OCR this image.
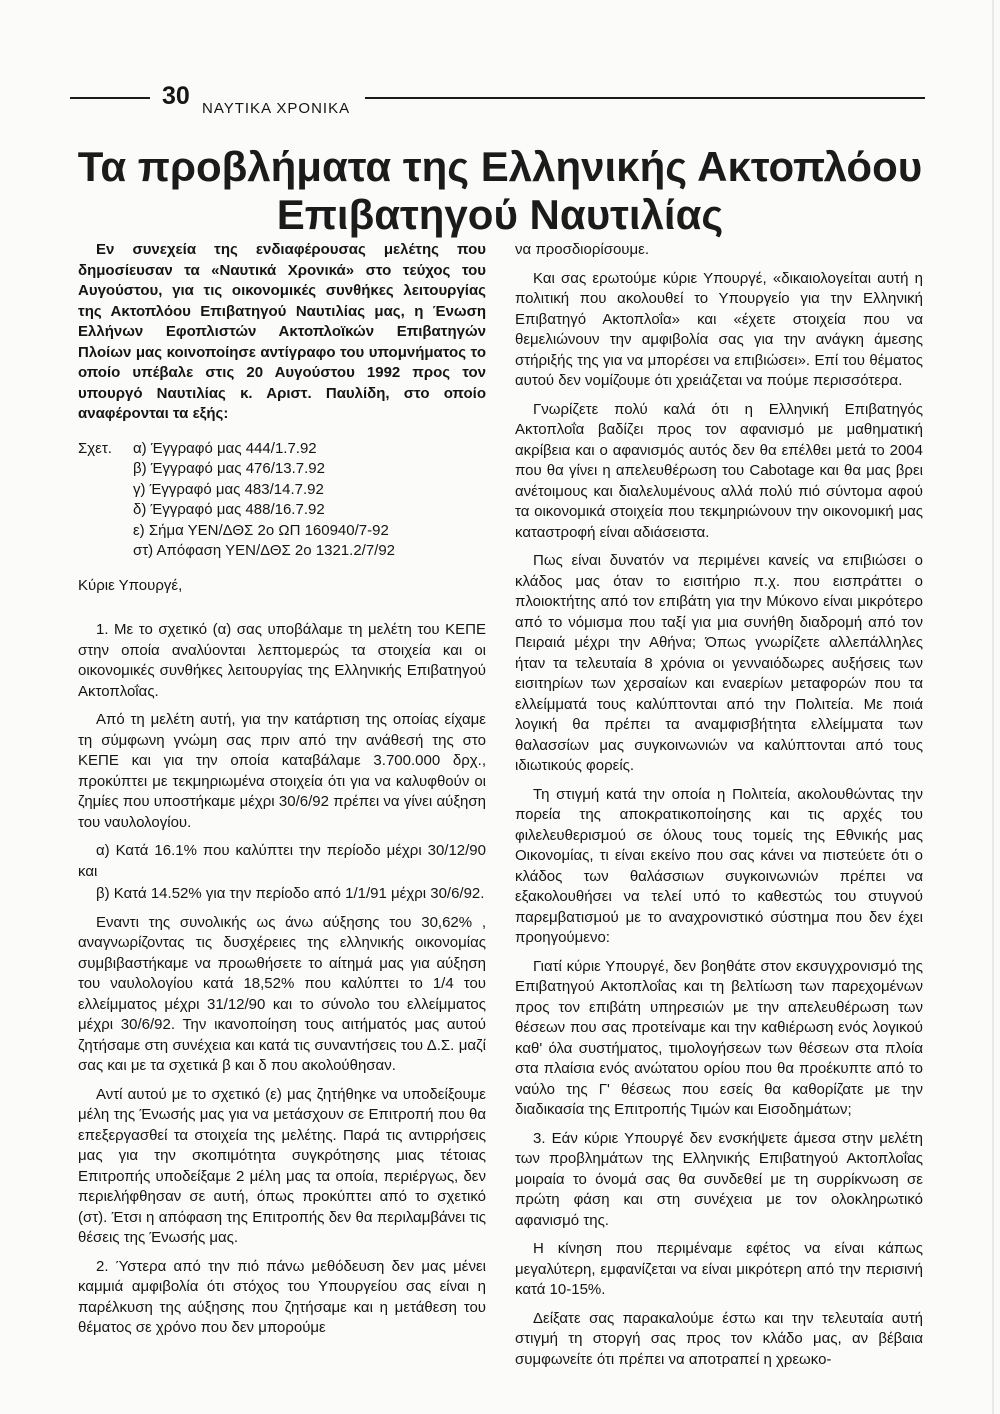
30 ΝΑΥΤΙΚΑ ΧΡΟΝΙΚΑ
Τα προβλήματα της Ελληνικής Ακτοπλόου
Επιβατηγού Ναυτιλίας

Εν συνεχεία της ενδιαφέρουσας μελέτης που δημοσίευσαν τα «Ναυτικά Χρονικά» στο τεύχος του Αυγούστου, για τις οικονομικές συνθήκες λειτουργίας της Ακτοπλόου Επιβατηγού Ναυτιλίας μας, η Ένωση Ελλήνων Εφοπλιστών Ακτοπλοϊκών Επιβατηγών Πλοίων μας κοινοποίησε αντίγραφο του υπομνήματος το οποίο υπέβαλε στις 20 Αυγούστου 1992 προς τον υπουργό Ναυτιλίας κ. Αριστ. Παυλίδη, στο οποίο αναφέρονται τα εξής:

Σχετ.	α) Έγγραφό μας 444/1.7.92
β) Έγγραφό μας 476/13.7.92
γ) Έγγραφό μας 483/14.7.92
δ) Έγγραφό μας 488/16.7.92
ε) Σήμα ΥΕΝ/ΔΘΣ 2ο ΩΠ 160940/7-92
στ) Απόφαση ΥΕΝ/ΔΘΣ 2ο 1321.2/7/92

Κύριε Υπουργέ,

1. Με το σχετικό (α) σας υποβάλαμε τη μελέτη του ΚΕΠΕ στην οποία αναλύονται λεπτομερώς τα στοιχεία και οι οικονομικές συνθήκες λειτουργίας της Ελληνικής Επιβατηγού Ακτοπλοΐας.

Από τη μελέτη αυτή, για την κατάρτιση της οποίας είχαμε τη σύμφωνη γνώμη σας πριν από την ανάθεσή της στο ΚΕΠΕ και για την οποία καταβάλαμε 3.700.000 δρχ., προκύπτει με τεκμηριωμένα στοιχεία ότι για να καλυφθούν οι ζημίες που υποστήκαμε μέχρι 30/6/92 πρέπει να γίνει αύξηση του ναυλολογίου.

α) Κατά 16.1% που καλύπτει την περίοδο μέχρι 30/12/90 και

β) Κατά 14.52% για την περίοδο από 1/1/91 μέχρι 30/6/92.

Εναντι της συνολικής ως άνω αύξησης του 30,62% , αναγνωρίζοντας τις δυσχέρειες της ελληνικής οικονομίας συμβιβαστήκαμε να προωθήσετε το αίτημά μας για αύξηση του ναυλολογίου κατά 18,52% που καλύπτει το 1/4 του ελλείμματος μέχρι 31/12/90 και το σύνολο του ελλείμματος μέχρι 30/6/92. Την ικανοποίηση τους αιτήματός μας αυτού ζητήσαμε στη συνέχεια και κατά τις συναντήσεις του Δ.Σ. μαζί σας και με τα σχετικά β και δ που ακολούθησαν.

Αντί αυτού με το σχετικό (ε) μας ζητήθηκε να υποδείξουμε μέλη της Ένωσής μας για να μετάσχουν σε Επιτροπή που θα επεξεργασθεί τα στοιχεία της μελέτης. Παρά τις αντιρρήσεις μας για την σκοπιμότητα συγκρότησης μιας τέτοιας Επιτροπής υποδείξαμε 2 μέλη μας τα οποία, περιέργως, δεν περιελήφθησαν σε αυτή, όπως προκύπτει από το σχετικό (στ). Έτσι η απόφαση της Επιτροπής δεν θα περιλαμβάνει τις θέσεις της Ένωσής μας.

2. Ύστερα από την πιό πάνω μεθόδευση δεν μας μένει καμμιά αμφιβολία ότι στόχος του Υπουργείου σας είναι η παρέλκυση της αύξησης που ζητήσαμε και η μετάθεση του θέματος σε χρόνο που δεν μπορούμε

να προσδιορίσουμε.

Και σας ερωτούμε κύριε Υπουργέ, «δικαιολογείται αυτή η πολιτική που ακολουθεί το Υπουργείο για την Ελληνική Επιβατηγό Ακτοπλοΐα» και «έχετε στοιχεία που να θεμελιώνουν την αμφιβολία σας για την ανάγκη άμεσης στήριξής της για να μπορέσει να επιβιώσει». Επί του θέματος αυτού δεν νομίζουμε ότι χρειάζεται να πούμε περισσότερα.

Γνωρίζετε πολύ καλά ότι η Ελληνική Επιβατηγός Ακτοπλοΐα βαδίζει προς τον αφανισμό με μαθηματική ακρίβεια και ο αφανισμός αυτός δεν θα επέλθει μετά το 2004 που θα γίνει η απελευθέρωση του Cabotage και θα μας βρει ανέτοιμους και διαλελυμένους αλλά πολύ πιό σύντομα αφού τα οικονομικά στοιχεία που τεκμηριώνουν την οικονομική μας καταστροφή είναι αδιάσειστα.

Πως είναι δυνατόν να περιμένει κανείς να επιβιώσει ο κλάδος μας όταν το εισιτήριο π.χ. που εισπράττει ο πλοιοκτήτης από τον επιβάτη για την Μύκονο είναι μικρότερο από το νόμισμα που ταξί για μια συνήθη διαδρομή από τον Πειραιά μέχρι την Αθήνα; Όπως γνωρίζετε αλλεπάλληλες ήταν τα τελευταία 8 χρόνια οι γενναιόδωρες αυξήσεις των εισιτηρίων των χερσαίων και εναερίων μεταφορών που τα ελλείμματά τους καλύπτονται από την Πολιτεία. Με ποιά λογική θα πρέπει τα αναμφισβήτητα ελλείμματα των θαλασσίων μας συγκοινωνιών να καλύπτονται από τους ιδιωτικούς φορείς.

Τη στιγμή κατά την οποία η Πολιτεία, ακολουθώντας την πορεία της αποκρατικοποίησης και τις αρχές του φιλελευθερισμού σε όλους τους τομείς της Εθνικής μας Οικονομίας, τι είναι εκείνο που σας κάνει να πιστεύετε ότι ο κλάδος των θαλάσσιων συγκοινωνιών πρέπει να εξακολουθήσει να τελεί υπό το καθεστώς του στυγνού παρεμβατισμού με το αναχρονιστικό σύστημα που δεν έχει προηγούμενο:

Γιατί κύριε Υπουργέ, δεν βοηθάτε στον εκσυγχρονισμό της Επιβατηγού Ακτοπλοΐας και τη βελτίωση των παρεχομένων προς τον επιβάτη υπηρεσιών με την απελευθέρωση των θέσεων που σας προτείναμε και την καθιέρωση ενός λογικού καθ' όλα συστήματος, τιμολογήσεων των θέσεων στα πλοία στα πλαίσια ενός ανώτατου ορίου που θα προέκυπτε από το ναύλο της Γ' θέσεως που εσείς θα καθορίζατε με την διαδικασία της Επιτροπής Τιμών και Εισοδημάτων;

3. Εάν κύριε Υπουργέ δεν ενσκήψετε άμεσα στην μελέτη των προβλημάτων της Ελληνικής Επιβατηγού Ακτοπλοΐας μοιραία το όνομά σας θα συνδεθεί με τη συρρίκνωση σε πρώτη φάση και στη συνέχεια με τον ολοκληρωτικό αφανισμό της.

Η κίνηση που περιμέναμε εφέτος να είναι κάπως μεγαλύτερη, εμφανίζεται να είναι μικρότερη από την περισινή κατά 10-15%.

Δείξατε σας παρακαλούμε έστω και την τελευταία αυτή στιγμή τη στοργή σας προς τον κλάδο μας, αν βέβαια συμφωνείτε ότι πρέπει να αποτραπεί η χρεωκο-
